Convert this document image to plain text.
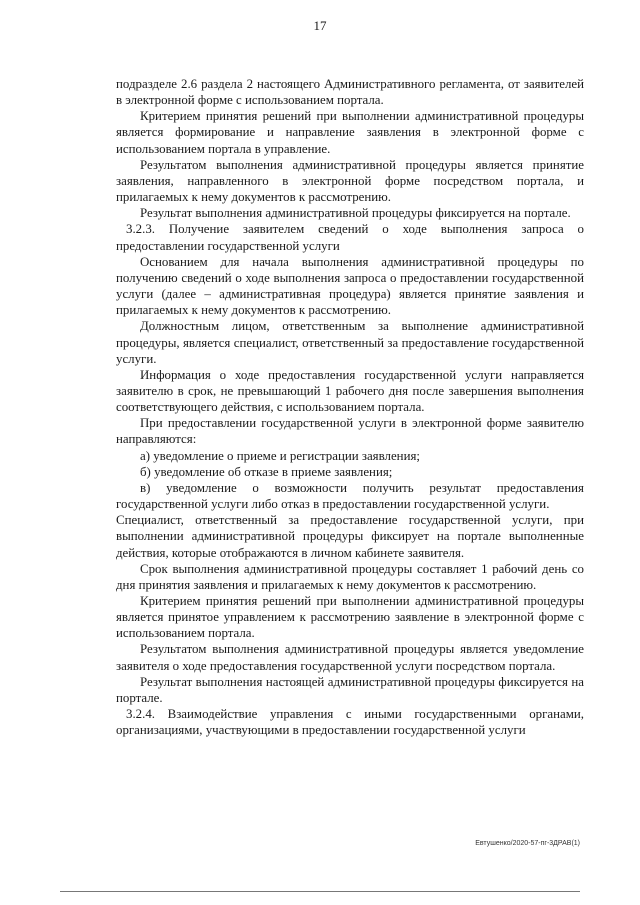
17

подразделе 2.6 раздела 2 настоящего Административного регламента, от заявителей в электронной форме с использованием портала.

Критерием принятия решений при выполнении административной процедуры является формирование и направление заявления в электронной форме с использованием портала в управление.

Результатом выполнения административной процедуры является принятие заявления, направленного в электронной форме посредством портала, и прилагаемых к нему документов к рассмотрению.

Результат выполнения административной процедуры фиксируется на портале.

3.2.3. Получение заявителем сведений о ходе выполнения запроса о предоставлении государственной услуги

Основанием для начала выполнения административной процедуры по получению сведений о ходе выполнения запроса о предоставлении государственной услуги (далее – административная процедура) является принятие заявления и прилагаемых к нему документов к рассмотрению.

Должностным лицом, ответственным за выполнение административной процедуры, является специалист, ответственный за предоставление государственной услуги.

Информация о ходе предоставления государственной услуги направляется заявителю в срок, не превышающий 1 рабочего дня после завершения выполнения соответствующего действия, с использованием портала.

При предоставлении государственной услуги в электронной форме заявителю направляются:

а) уведомление о приеме и регистрации заявления;

б) уведомление об отказе в приеме заявления;

в) уведомление о возможности получить результат предоставления государственной услуги либо отказ в предоставлении государственной услуги.

Специалист, ответственный за предоставление государственной услуги, при выполнении административной процедуры фиксирует на портале выполненные действия, которые отображаются в личном кабинете заявителя.

Срок выполнения административной процедуры составляет 1 рабочий день со дня принятия заявления и прилагаемых к нему документов к рассмотрению.

Критерием принятия решений при выполнении административной процедуры является принятое управлением к рассмотрению заявление в электронной форме с использованием портала.

Результатом выполнения административной процедуры является уведомление заявителя о ходе предоставления государственной услуги посредством портала.

Результат выполнения настоящей административной процедуры фиксируется на портале.

3.2.4. Взаимодействие управления с иными государственными органами, организациями, участвующими в предоставлении государственной услуги

Евтушенко/2020-57-пг-3ДРАВ(1)
